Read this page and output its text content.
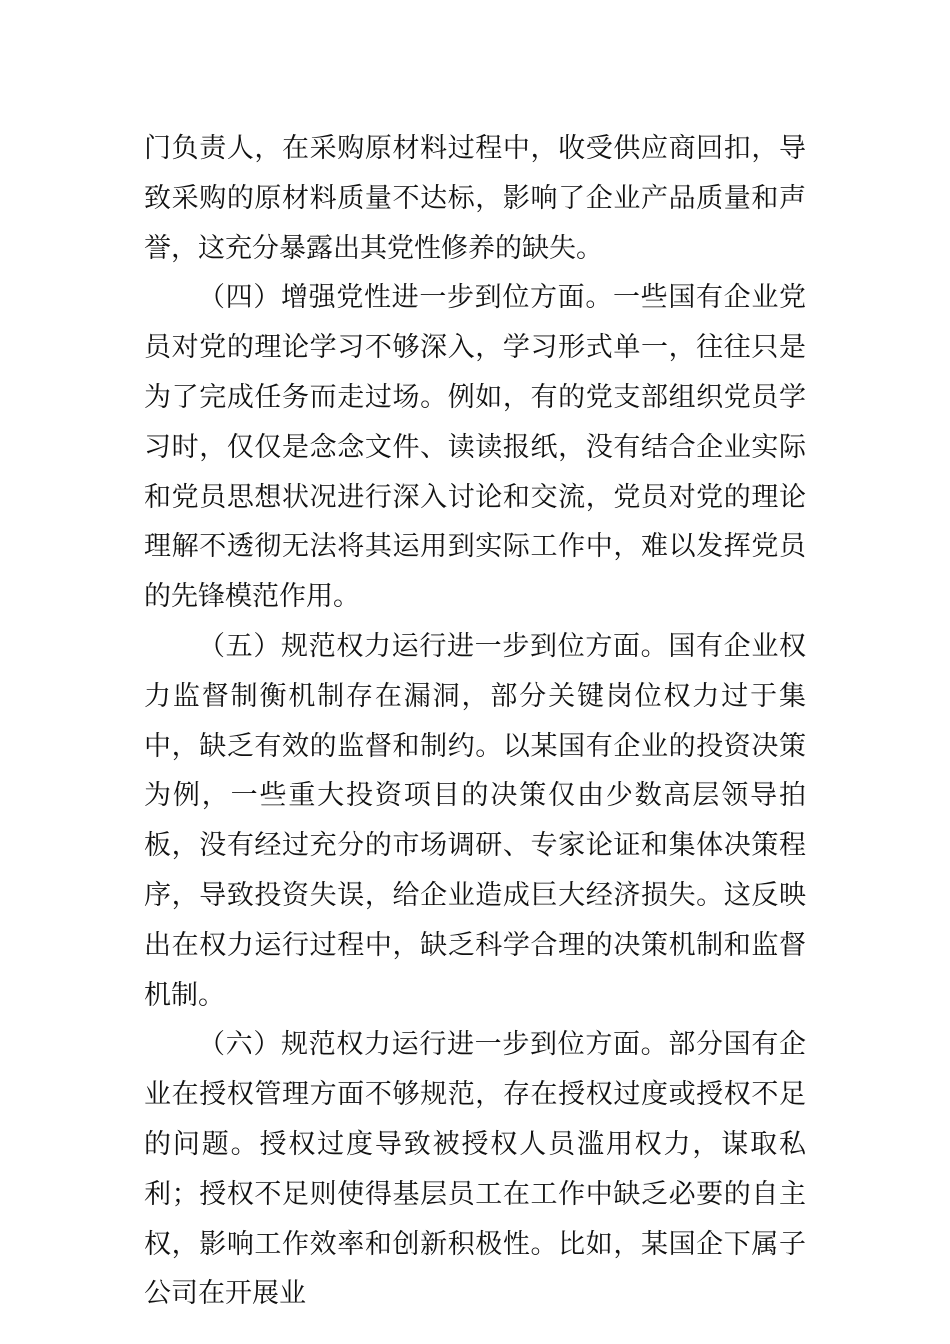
门负责人，在采购原材料过程中，收受供应商回扣，导致采购的原材料质量不达标，影响了企业产品质量和声誉，这充分暴露出其党性修养的缺失。

（四）增强党性进一步到位方面。一些国有企业党员对党的理论学习不够深入，学习形式单一，往往只是为了完成任务而走过场。例如，有的党支部组织党员学习时，仅仅是念念文件、读读报纸，没有结合企业实际和党员思想状况进行深入讨论和交流，党员对党的理论理解不透彻无法将其运用到实际工作中，难以发挥党员的先锋模范作用。

（五）规范权力运行进一步到位方面。国有企业权力监督制衡机制存在漏洞，部分关键岗位权力过于集中，缺乏有效的监督和制约。以某国有企业的投资决策为例，一些重大投资项目的决策仅由少数高层领导拍板，没有经过充分的市场调研、专家论证和集体决策程序，导致投资失误，给企业造成巨大经济损失。这反映出在权力运行过程中，缺乏科学合理的决策机制和监督机制。

（六）规范权力运行进一步到位方面。部分国有企业在授权管理方面不够规范，存在授权过度或授权不足的问题。授权过度导致被授权人员滥用权力，谋取私利；授权不足则使得基层员工在工作中缺乏必要的自主权，影响工作效率和创新积极性。比如，某国企下属子公司在开展业
